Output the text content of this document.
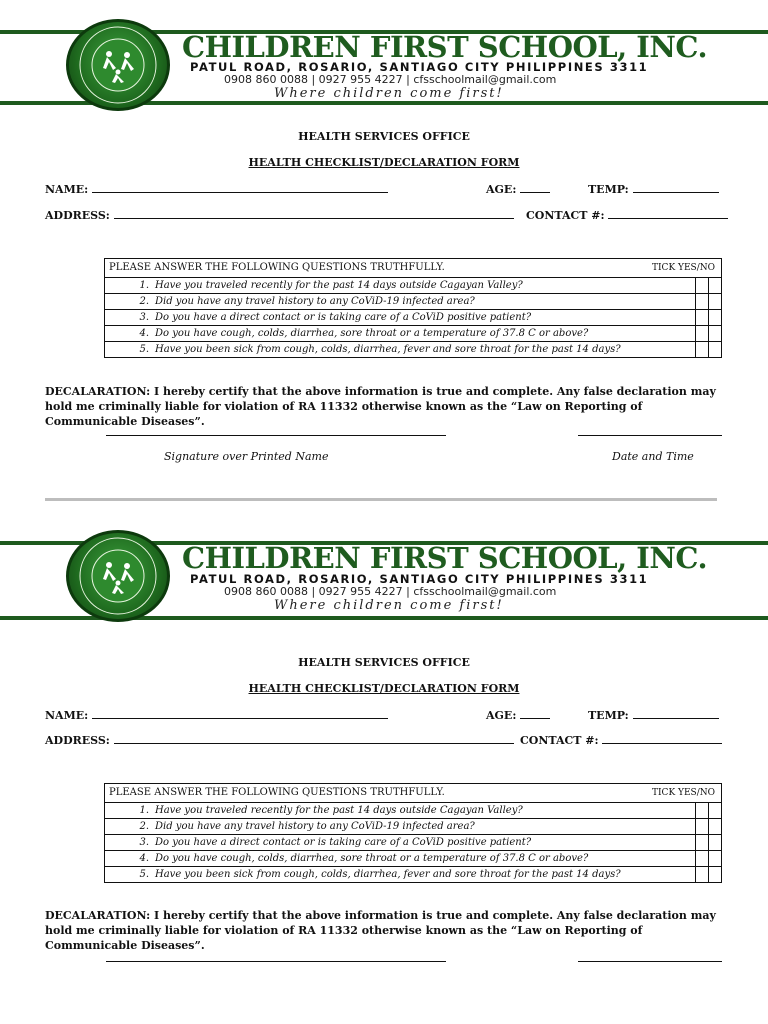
CHILDREN FIRST SCHOOL, INC.
PATUL ROAD, ROSARIO, SANTIAGO CITY PHILIPPINES 3311
0908 860 0088 | 0927 955 4227 | cfsschoolmail@gmail.com
Where children come first!
HEALTH SERVICES OFFICE
HEALTH CHECKLIST/DECLARATION FORM
NAME:	AGE:	TEMP:
ADDRESS:	CONTACT #:
PLEASE ANSWER THE FOLLOWING QUESTIONS TRUTHFULLY. TICK YES/NO		

1. Have you traveled recently for the past 14 days outside Cagayan Valley?		
2. Did you have any travel history to any CoViD-19 infected area?		
3. Do you have a direct contact or is taking care of a CoViD positive patient?		
4. Do you have cough, colds, diarrhea, sore throat or a temperature of 37.8 C or above?		
5. Have you been sick from cough, colds, diarrhea, fever and sore throat for the past 14 days?		
DECALARATION: I hereby certify that the above information is true and complete. Any false declaration may hold me criminally liable for violation of RA 11332 otherwise known as the “Law on Reporting of Communicable Diseases”.
Signature over Printed Name	Date and Time
CHILDREN FIRST SCHOOL, INC.
PATUL ROAD, ROSARIO, SANTIAGO CITY PHILIPPINES 3311
0908 860 0088 | 0927 955 4227 | cfsschoolmail@gmail.com
Where children come first!
HEALTH SERVICES OFFICE
HEALTH CHECKLIST/DECLARATION FORM
NAME:	AGE:	TEMP:
ADDRESS:	CONTACT #:
PLEASE ANSWER THE FOLLOWING QUESTIONS TRUTHFULLY. TICK YES/NO		

1. Have you traveled recently for the past 14 days outside Cagayan Valley?		
2. Did you have any travel history to any CoViD-19 infected area?		
3. Do you have a direct contact or is taking care of a CoViD positive patient?		
4. Do you have cough, colds, diarrhea, sore throat or a temperature of 37.8 C or above?		
5. Have you been sick from cough, colds, diarrhea, fever and sore throat for the past 14 days?		
DECALARATION: I hereby certify that the above information is true and complete. Any false declaration may hold me criminally liable for violation of RA 11332 otherwise known as the “Law on Reporting of Communicable Diseases”.
